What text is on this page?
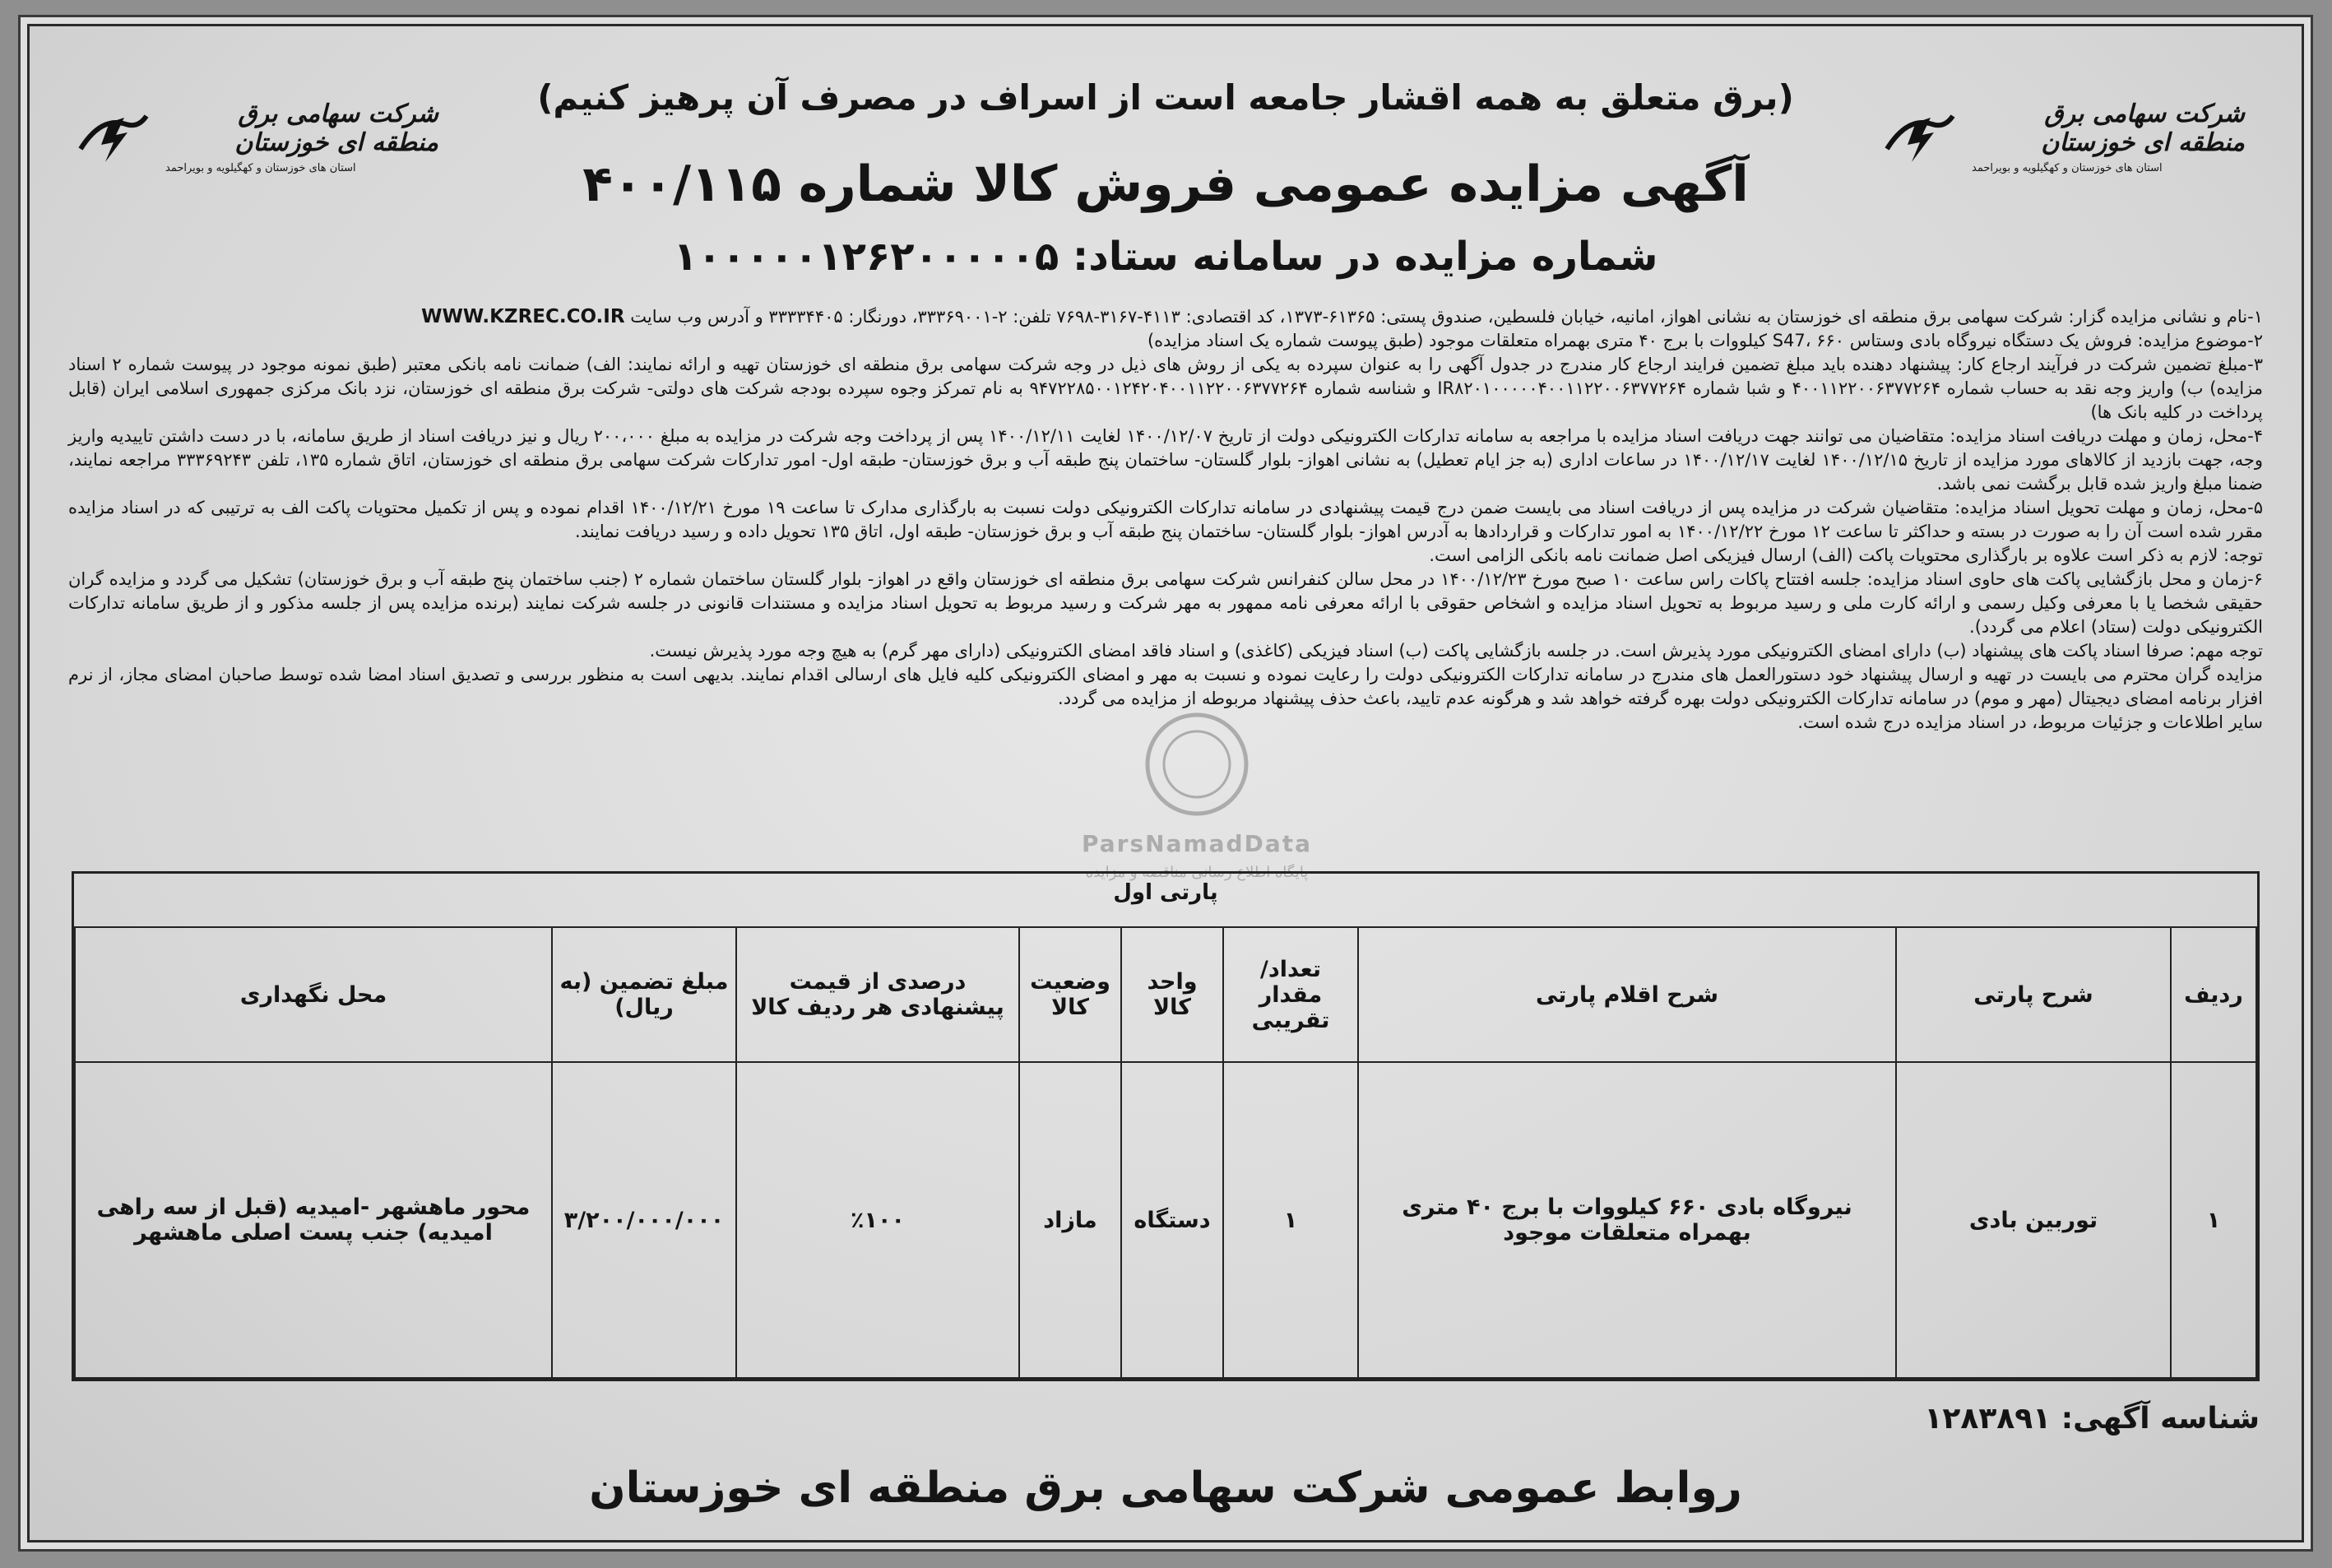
شرکت سهامی برق منطقه ای خوزستان
استان های خوزستان و کهگیلویه و بویراحمد
شرکت سهامی برق منطقه ای خوزستان
استان های خوزستان و کهگیلویه و بویراحمد
(برق متعلق به همه اقشار جامعه است از اسراف در مصرف آن پرهیز کنیم)
آگهی مزایده عمومی فروش کالا شماره ۴۰۰/۱۱۵
شماره مزایده در سامانه ستاد: ۱۰۰۰۰۰۱۲۶۲۰۰۰۰۰۵

۱-نام و نشانی مزایده گزار: شرکت سهامی برق منطقه ای خوزستان به نشانی اهواز، امانیه، خیابان فلسطین، صندوق پستی: ۶۱۳۶۵-۱۳۷۳، کد اقتصادی: ۴۱۱۳-۳۱۶۷-۷۶۹۸ تلفن: ۲-۳۳۳۶۹۰۰۱، دورنگار: ۳۳۳۳۴۴۰۵ و آدرس وب سایت WWW.KZREC.CO.IR

۲-موضوع مزایده: فروش یک دستگاه نیروگاه بادی وستاس S47، ۶۶۰ کیلووات با برج ۴۰ متری بهمراه متعلقات موجود (طبق پیوست شماره یک اسناد مزایده)

۳-مبلغ تضمین شرکت در فرآیند ارجاع کار: پیشنهاد دهنده باید مبلغ تضمین فرایند ارجاع کار مندرج در جدول آگهی را به عنوان سپرده به یکی از روش های ذیل در وجه شرکت سهامی برق منطقه ای خوزستان تهیه و ارائه نمایند: الف) ضمانت نامه بانکی معتبر (طبق نمونه موجود در پیوست شماره ۲ اسناد مزایده) ب) واریز وجه نقد به حساب شماره ۴۰۰۱۱۲۲۰۰۶۳۷۷۲۶۴ و شبا شماره IR۸۲۰۱۰۰۰۰۰۴۰۰۱۱۲۲۰۰۶۳۷۷۲۶۴ و شناسه شماره ۹۴۷۲۲۸۵۰۰۱۲۴۲۰۴۰۰۱۱۲۲۰۰۶۳۷۷۲۶۴ به نام تمرکز وجوه سپرده بودجه شرکت های دولتی- شرکت برق منطقه ای خوزستان، نزد بانک مرکزی جمهوری اسلامی ایران (قابل پرداخت در کلیه بانک ها)

۴-محل، زمان و مهلت دریافت اسناد مزایده: متقاضیان می توانند جهت دریافت اسناد مزایده با مراجعه به سامانه تدارکات الکترونیکی دولت از تاریخ ۱۴۰۰/۱۲/۰۷ لغایت ۱۴۰۰/۱۲/۱۱ پس از پرداخت وجه شرکت در مزایده به مبلغ ۲۰۰،۰۰۰ ریال و نیز دریافت اسناد از طریق سامانه، با در دست داشتن تاییدیه واریز وجه، جهت بازدید از کالاهای مورد مزایده از تاریخ ۱۴۰۰/۱۲/۱۵ لغایت ۱۴۰۰/۱۲/۱۷ در ساعات اداری (به جز ایام تعطیل) به نشانی اهواز- بلوار گلستان- ساختمان پنج طبقه آب و برق خوزستان- طبقه اول- امور تدارکات شرکت سهامی برق منطقه ای خوزستان، اتاق شماره ۱۳۵، تلفن ۳۳۳۶۹۲۴۳ مراجعه نمایند، ضمنا مبلغ واریز شده قابل برگشت نمی باشد.

۵-محل، زمان و مهلت تحویل اسناد مزایده: متقاضیان شرکت در مزایده پس از دریافت اسناد می بایست ضمن درج قیمت پیشنهادی در سامانه تدارکات الکترونیکی دولت نسبت به بارگذاری مدارک تا ساعت ۱۹ مورخ ۱۴۰۰/۱۲/۲۱ اقدام نموده و پس از تکمیل محتویات پاکت الف به ترتیبی که در اسناد مزایده مقرر شده است آن را به صورت در بسته و حداکثر تا ساعت ۱۲ مورخ ۱۴۰۰/۱۲/۲۲ به امور تدارکات و قراردادها به آدرس اهواز- بلوار گلستان- ساختمان پنج طبقه آب و برق خوزستان- طبقه اول، اتاق ۱۳۵ تحویل داده و رسید دریافت نمایند.

توجه: لازم به ذکر است علاوه بر بارگذاری محتویات پاکت (الف) ارسال فیزیکی اصل ضمانت نامه بانکی الزامی است.

۶-زمان و محل بازگشایی پاکت های حاوی اسناد مزایده: جلسه افتتاح پاکات راس ساعت ۱۰ صبح مورخ ۱۴۰۰/۱۲/۲۳ در محل سالن کنفرانس شرکت سهامی برق منطقه ای خوزستان واقع در اهواز- بلوار گلستان ساختمان شماره ۲ (جنب ساختمان پنج طبقه آب و برق خوزستان) تشکیل می گردد و مزایده گران حقیقی شخصا یا با معرفی وکیل رسمی و ارائه کارت ملی و رسید مربوط به تحویل اسناد مزایده و اشخاص حقوقی با ارائه معرفی نامه ممهور به مهر شرکت و رسید مربوط به تحویل اسناد مزایده و مستندات قانونی در جلسه شرکت نمایند (برنده مزایده پس از جلسه مذکور و از طریق سامانه تدارکات الکترونیکی دولت (ستاد) اعلام می گردد).

توجه مهم: صرفا اسناد پاکت های پیشنهاد (ب) دارای امضای الکترونیکی مورد پذیرش است. در جلسه بازگشایی پاکت (ب) اسناد فیزیکی (کاغذی) و اسناد فاقد امضای الکترونیکی (دارای مهر گرم) به هیچ وجه مورد پذیرش نیست.

مزایده گران محترم می بایست در تهیه و ارسال پیشنهاد خود دستورالعمل های مندرج در سامانه تدارکات الکترونیکی دولت را رعایت نموده و نسبت به مهر و امضای الکترونیکی کلیه فایل های ارسالی اقدام نمایند. بدیهی است به منظور بررسی و تصدیق اسناد امضا شده توسط صاحبان امضای مجاز، از نرم افزار برنامه امضای دیجیتال (مهر و موم) در سامانه تدارکات الکترونیکی دولت بهره گرفته خواهد شد و هرگونه عدم تایید، باعث حذف پیشنهاد مربوطه از مزایده می گردد.

سایر اطلاعات و جزئیات مربوط، در اسناد مزایده درج شده است.

ParsNamadData
پایگاه اطلاع رسانی مناقصه و مزایده
پارتی اول
ردیف	شرح پارتی	شرح اقلام پارتی	تعداد/مقدار تقریبی	واحد کالا	وضعیت کالا	درصدی از قیمت پیشنهادی هر ردیف کالا	مبلغ تضمین (به ریال)	محل نگهداری
۱	توربین بادی	نیروگاه بادی ۶۶۰ کیلووات با برج ۴۰ متری بهمراه متعلقات موجود	۱	دستگاه	مازاد	٪۱۰۰	۳/۲۰۰/۰۰۰/۰۰۰	محور ماهشهر -امیدیه (قبل از سه راهی امیدیه) جنب پست اصلی ماهشهر
شناسه آگهی: ۱۲۸۳۸۹۱
روابط عمومی شرکت سهامی برق منطقه ای خوزستان
